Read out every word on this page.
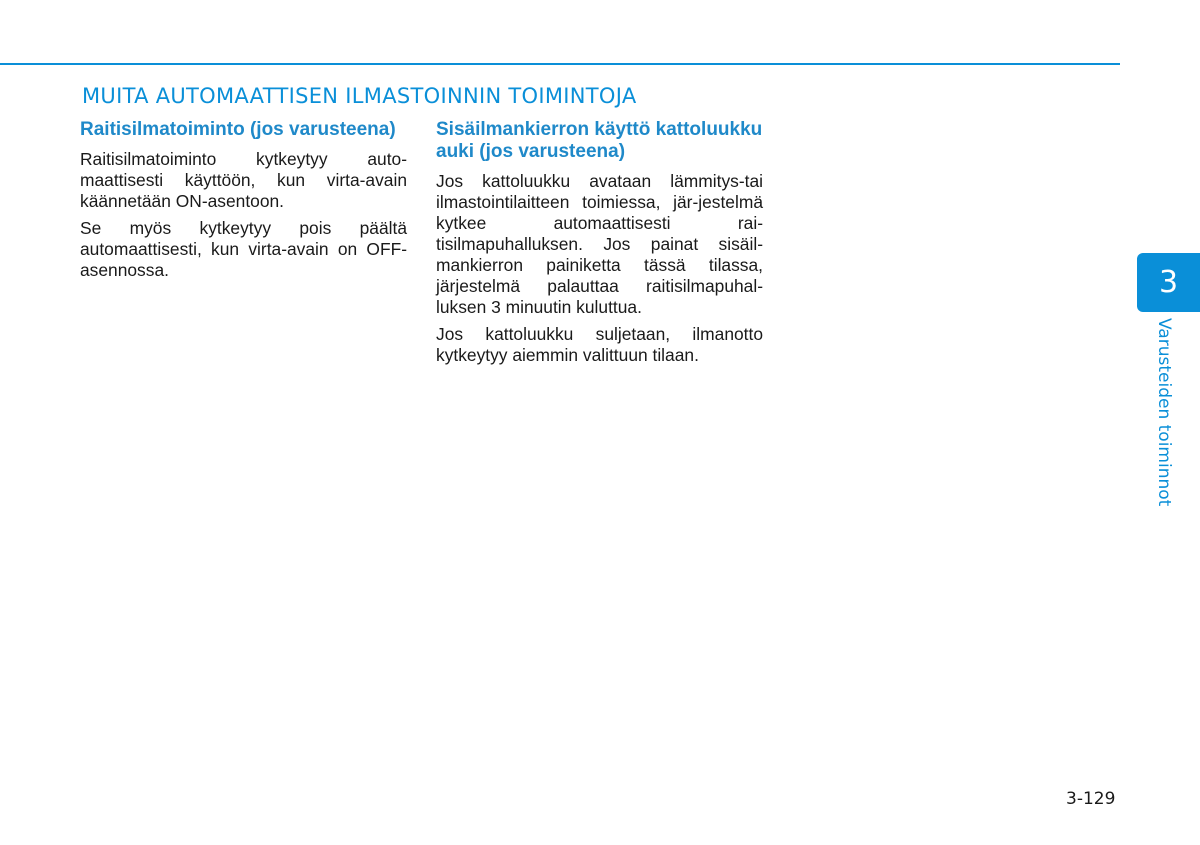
MUITA AUTOMAATTISEN ILMASTOINNIN TOIMINTOJA
Raitisilmatoiminto (jos varusteena)

Raitisilmatoiminto kytkeytyy auto-maattisesti käyttöön, kun virta-avain käännetään ON-asentoon.

Se myös kytkeytyy pois päältä automaattisesti, kun virta-avain on OFF-asennossa.

Sisäilmankierron käyttö kattoluukku auki (jos varusteena)

Jos kattoluukku avataan lämmitys-tai ilmastointilaitteen toimiessa, jär-jestelmä kytkee automaattisesti rai-tisilmapuhalluksen. Jos painat sisäil-mankierron painiketta tässä tilassa, järjestelmä palauttaa raitisilmapuhal-luksen 3 minuutin kuluttua.

Jos kattoluukku suljetaan, ilmanotto kytkeytyy aiemmin valittuun tilaan.

3
Varusteiden toiminnot
3-129
